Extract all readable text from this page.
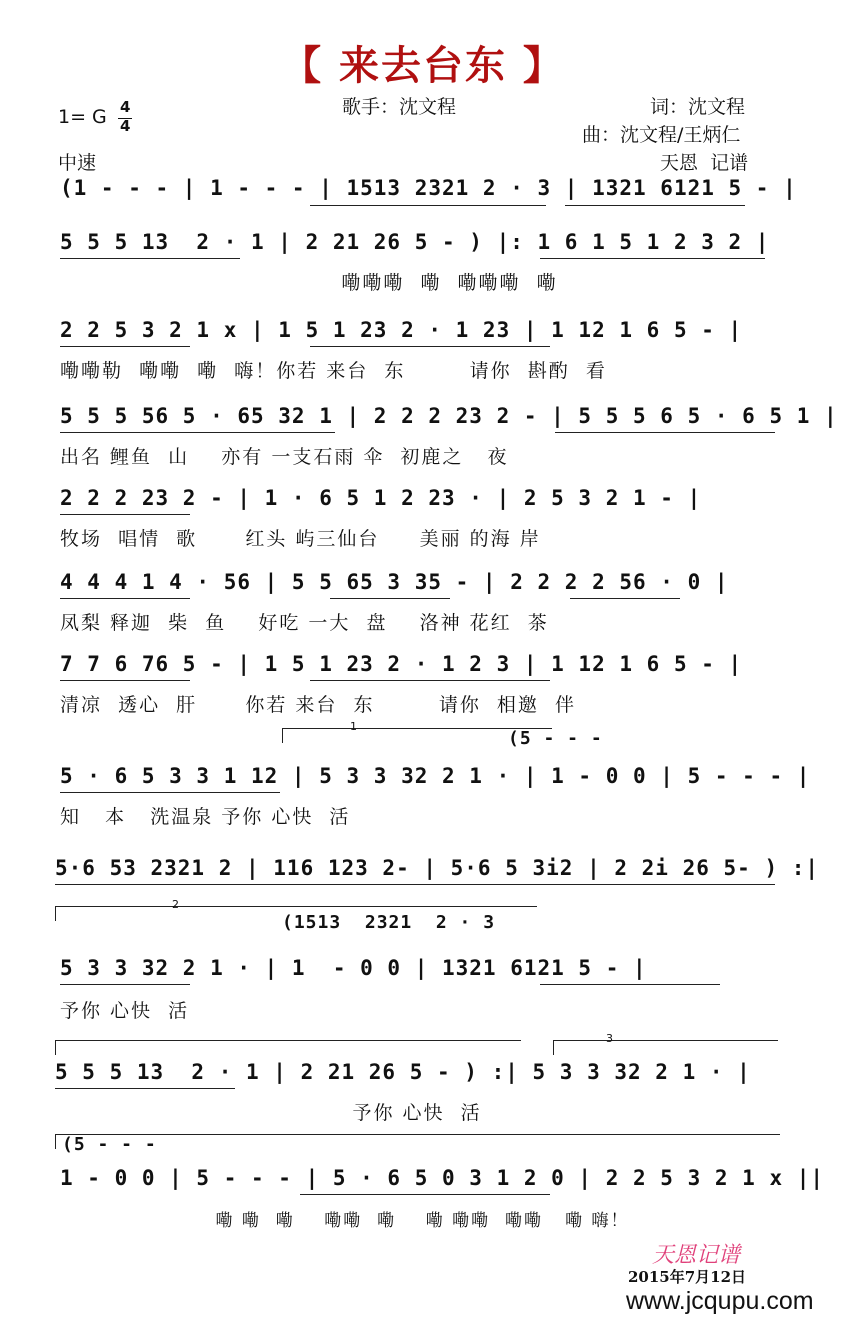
【 来去台东 】
1= G 4
4
中速
歌手：沈文程	词：沈文程
曲：沈文程/王炳仁
天恩  记谱
(1 - - - | 1 - - - | 1513 2321 2 · 3 | 1321 6121 5 - |
5 5 5 13  2 · 1 | 2 21 26 5 - ) |: 1 6 1 5 1 2 3 2 |
嘞嘞嘞  嘞  嘞嘞嘞  嘞
2 2 5 3 2 1 x | 1 5 1 23 2 · 1 23 | 1 12 1 6 5 - |
嘞嘞勒  嘞嘞  嘞  嗨！你若 来台  东        请你  斟酌  看
5 5 5 56 5 · 65 32 1 | 2 2 2 23 2 - | 5 5 5 6 5 · 6 5 1 |
出名 鲤鱼  山    亦有 一支石雨 伞  初鹿之   夜
2 2 2 23 2 - | 1 · 6 5 1 2 23 · | 2 5 3 2 1 - |
牧场  唱情  歌      红头 屿三仙台     美丽 的海 岸
4 4 4 1 4 · 56 | 5 5 65 3 35 - | 2 2 2 2 56 · 0 |
凤梨 释迦  柴  鱼    好吃 一大  盘    洛神 花红  茶
7 7 6 76 5 - | 1 5 1 23 2 · 1 2 3 | 1 12 1 6 5 - |
清凉  透心  肝      你若 来台  东        请你  相邀  伴
1
(5 - - -
5 · 6 5 3 3 1 12 | 5 3 3 32 2 1 · | 1 - 0 0 | 5 - - - |
知   本   洗温泉 予你 心快  活
5·6 53 2321 2 | 116 123 2- | 5·6 5 3i2 | 2 2i 26 5- ) :|
2
(1513  2321  2 · 3
5 3 3 32 2 1 · | 1  - 0 0 | 1321 6121 5 - |
予你 心快  活
5 5 5 13  2 · 1 | 2 21 26 5 - ) :| 5 3 3 32 2 1 · |
予你 心快  活
3
(5 - - -
1 - 0 0 | 5 - - - | 5 · 6 5 0 3 1 2 0 | 2 2 5 3 2 1 x ||
嘞 嘞  嘞    嘞嘞  嘞    嘞 嘞嘞  嘞嘞   嘞 嗨！
天恩记谱
2015年7月12日
www.jcqupu.com
